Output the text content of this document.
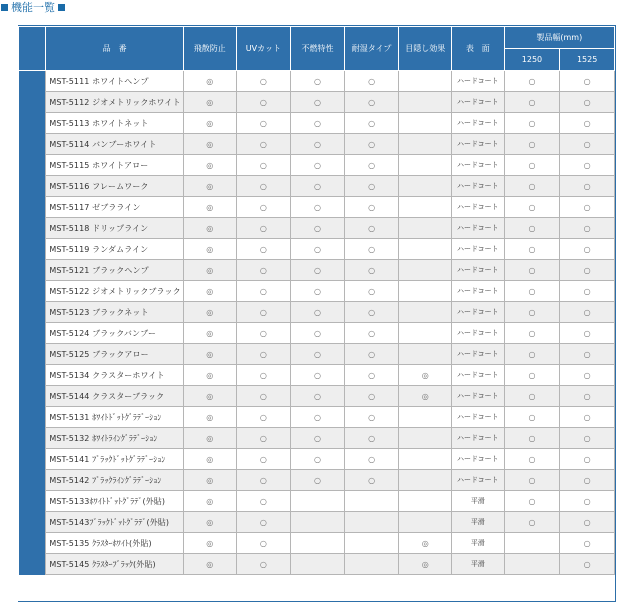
機能一覧
	品　番	飛散防止	UVカット	不燃特性	耐湿タイプ	目隠し効果	表　面	製品幅(mm)	
								1250	1525
	MST-5111 ホワイトヘンプ	◎	○	○	○		ハードコート	○	○
	MST-5112 ジオメトリックホワイト	◎	○	○	○		ハードコート	○	○
	MST-5113 ホワイトネット	◎	○	○	○		ハードコート	○	○
	MST-5114 バンブーホワイト	◎	○	○	○		ハードコート	○	○
	MST-5115 ホワイトアロー	◎	○	○	○		ハードコート	○	○
	MST-5116 フレームワーク	◎	○	○	○		ハードコート	○	○
	MST-5117 ゼブラライン	◎	○	○	○		ハードコート	○	○
	MST-5118 ドリップライン	◎	○	○	○		ハードコート	○	○
	MST-5119 ランダムライン	◎	○	○	○		ハードコート	○	○
	MST-5121 ブラックヘンプ	◎	○	○	○		ハードコート	○	○
	MST-5122 ジオメトリックブラック	◎	○	○	○		ハードコート	○	○
	MST-5123 ブラックネット	◎	○	○	○		ハードコート	○	○
	MST-5124 ブラックバンブー	◎	○	○	○		ハードコート	○	○
	MST-5125 ブラックアロー	◎	○	○	○		ハードコート	○	○
	MST-5134 クラスターホワイト	◎	○	○	○	◎	ハードコート	○	○
	MST-5144 クラスターブラック	◎	○	○	○	◎	ハードコート	○	○
	MST-5131 ﾎﾜｲﾄﾄﾞｯﾄｸﾞﾗﾃﾞｰｼｮﾝ	◎	○	○	○		ハードコート	○	○
	MST-5132 ﾎﾜｲﾄﾗｲﾝｸﾞﾗﾃﾞｰｼｮﾝ	◎	○	○	○		ハードコート	○	○
	MST-5141 ﾌﾞﾗｯｸﾄﾞｯﾄｸﾞﾗﾃﾞｰｼｮﾝ	◎	○	○	○		ハードコート	○	○
	MST-5142 ﾌﾞﾗｯｸﾗｲﾝｸﾞﾗﾃﾞｰｼｮﾝ	◎	○	○	○		ハードコート	○	○
	MST-5133ﾎﾜｲﾄﾄﾞｯﾄｸﾞﾗﾃﾞ(外貼)	◎	○				平滑	○	○
	MST-5143ﾌﾞﾗｯｸﾄﾞｯﾄｸﾞﾗﾃﾞ(外貼)	◎	○				平滑	○	○
	MST-5135 ｸﾗｽﾀｰﾎﾜｲﾄ(外貼)	◎	○			◎	平滑		○
	MST-5145 ｸﾗｽﾀｰﾌﾞﾗｯｸ(外貼)	◎	○			◎	平滑		○
